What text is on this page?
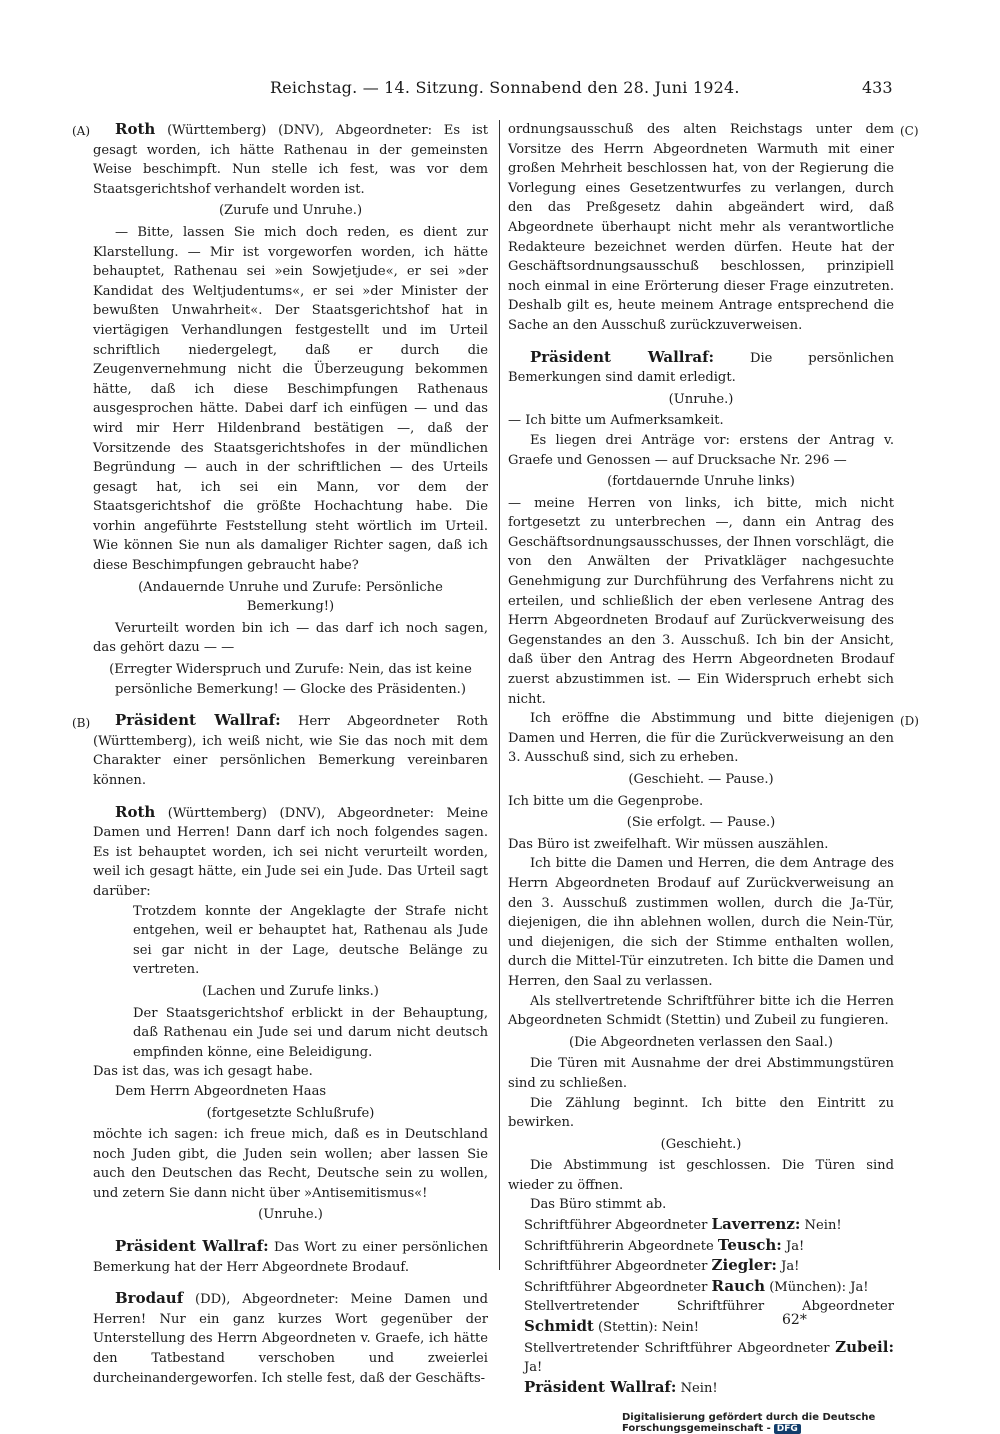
Reichstag. — 14. Sitzung. Sonnabend den 28. Juni 1924.	433
(A)
(B)
(C)
(D)

Roth (Württemberg) (DNV), Abgeordneter: Es ist gesagt worden, ich hätte Rathenau in der gemeinsten Weise beschimpft. Nun stelle ich fest, was vor dem Staatsgerichtshof verhandelt worden ist.

(Zurufe und Unruhe.)

— Bitte, lassen Sie mich doch reden, es dient zur Klarstellung. — Mir ist vorgeworfen worden, ich hätte behauptet, Rathenau sei »ein Sowjetjude«, er sei »der Kandidat des Weltjudentums«, er sei »der Minister der bewußten Unwahrheit«. Der Staatsgerichtshof hat in viertägigen Verhandlungen festgestellt und im Urteil schriftlich niedergelegt, daß er durch die Zeugenvernehmung nicht die Überzeugung bekommen hätte, daß ich diese Beschimpfungen Rathenaus ausgesprochen hätte. Dabei darf ich einfügen — und das wird mir Herr Hildenbrand bestätigen —, daß der Vorsitzende des Staatsgerichtshofes in der mündlichen Begründung — auch in der schriftlichen — des Urteils gesagt hat, ich sei ein Mann, vor dem der Staatsgerichtshof die größte Hochachtung habe. Die vorhin angeführte Feststellung steht wörtlich im Urteil. Wie können Sie nun als damaliger Richter sagen, daß ich diese Beschimpfungen gebraucht habe?

(Andauernde Unruhe und Zurufe: Persönliche Bemerkung!)

Verurteilt worden bin ich — das darf ich noch sagen, das gehört dazu — —

(Erregter Widerspruch und Zurufe: Nein, das ist keine persönliche Bemerkung! — Glocke des Präsidenten.)

Präsident Wallraf: Herr Abgeordneter Roth (Württemberg), ich weiß nicht, wie Sie das noch mit dem Charakter einer persönlichen Bemerkung vereinbaren können.

Roth (Württemberg) (DNV), Abgeordneter: Meine Damen und Herren! Dann darf ich noch folgendes sagen. Es ist behauptet worden, ich sei nicht verurteilt worden, weil ich gesagt hätte, ein Jude sei ein Jude. Das Urteil sagt darüber:

Trotzdem konnte der Angeklagte der Strafe nicht entgehen, weil er behauptet hat, Rathenau als Jude sei gar nicht in der Lage, deutsche Belänge zu vertreten.

(Lachen und Zurufe links.)

Der Staatsgerichtshof erblickt in der Behauptung, daß Rathenau ein Jude sei und darum nicht deutsch empfinden könne, eine Beleidigung.

Das ist das, was ich gesagt habe.

Dem Herrn Abgeordneten Haas

(fortgesetzte Schlußrufe)

möchte ich sagen: ich freue mich, daß es in Deutschland noch Juden gibt, die Juden sein wollen; aber lassen Sie auch den Deutschen das Recht, Deutsche sein zu wollen, und zetern Sie dann nicht über »Antisemitismus«!

(Unruhe.)

Präsident Wallraf: Das Wort zu einer persönlichen Bemerkung hat der Herr Abgeordnete Brodauf.

Brodauf (DD), Abgeordneter: Meine Damen und Herren! Nur ein ganz kurzes Wort gegenüber der Unterstellung des Herrn Abgeordneten v. Graefe, ich hätte den Tatbestand verschoben und zweierlei durcheinandergeworfen. Ich stelle fest, daß der Geschäfts-

ordnungsausschuß des alten Reichstags unter dem Vorsitze des Herrn Abgeordneten Warmuth mit einer großen Mehrheit beschlossen hat, von der Regierung die Vorlegung eines Gesetzentwurfes zu verlangen, durch den das Preßgesetz dahin abgeändert wird, daß Abgeordnete überhaupt nicht mehr als verantwortliche Redakteure bezeichnet werden dürfen. Heute hat der Geschäftsordnungsausschuß beschlossen, prinzipiell noch einmal in eine Erörterung dieser Frage einzutreten. Deshalb gilt es, heute meinem Antrage entsprechend die Sache an den Ausschuß zurückzuverweisen.

Präsident Wallraf: Die persönlichen Bemerkungen sind damit erledigt.

(Unruhe.)

— Ich bitte um Aufmerksamkeit.

Es liegen drei Anträge vor: erstens der Antrag v. Graefe und Genossen — auf Drucksache Nr. 296 —

(fortdauernde Unruhe links)

— meine Herren von links, ich bitte, mich nicht fortgesetzt zu unterbrechen —, dann ein Antrag des Geschäftsordnungsausschusses, der Ihnen vorschlägt, die von den Anwälten der Privatkläger nachgesuchte Genehmigung zur Durchführung des Verfahrens nicht zu erteilen, und schließlich der eben verlesene Antrag des Herrn Abgeordneten Brodauf auf Zurückverweisung des Gegenstandes an den 3. Ausschuß. Ich bin der Ansicht, daß über den Antrag des Herrn Abgeordneten Brodauf zuerst abzustimmen ist. — Ein Widerspruch erhebt sich nicht.

Ich eröffne die Abstimmung und bitte diejenigen Damen und Herren, die für die Zurückverweisung an den 3. Ausschuß sind, sich zu erheben.

(Geschieht. — Pause.)

Ich bitte um die Gegenprobe.

(Sie erfolgt. — Pause.)

Das Büro ist zweifelhaft. Wir müssen auszählen.

Ich bitte die Damen und Herren, die dem Antrage des Herrn Abgeordneten Brodauf auf Zurückverweisung an den 3. Ausschuß zustimmen wollen, durch die Ja-Tür, diejenigen, die ihn ablehnen wollen, durch die Nein-Tür, und diejenigen, die sich der Stimme enthalten wollen, durch die Mittel-Tür einzutreten. Ich bitte die Damen und Herren, den Saal zu verlassen.

Als stellvertretende Schriftführer bitte ich die Herren Abgeordneten Schmidt (Stettin) und Zubeil zu fungieren.

(Die Abgeordneten verlassen den Saal.)

Die Türen mit Ausnahme der drei Abstimmungstüren sind zu schließen.

Die Zählung beginnt. Ich bitte den Eintritt zu bewirken.

(Geschieht.)

Die Abstimmung ist geschlossen. Die Türen sind wieder zu öffnen.

Das Büro stimmt ab.

Schriftführer Abgeordneter Laverrenz: Nein!

Schriftführerin Abgeordnete Teusch: Ja!

Schriftführer Abgeordneter Ziegler: Ja!

Schriftführer Abgeordneter Rauch (München): Ja!

Stellvertretender Schriftführer Abgeordneter Schmidt (Stettin): Nein!

Stellvertretender Schriftführer Abgeordneter Zubeil: Ja!

Präsident Wallraf: Nein!

62*
Digitalisierung gefördert durch die Deutsche Forschungsgemeinschaft - DFG
